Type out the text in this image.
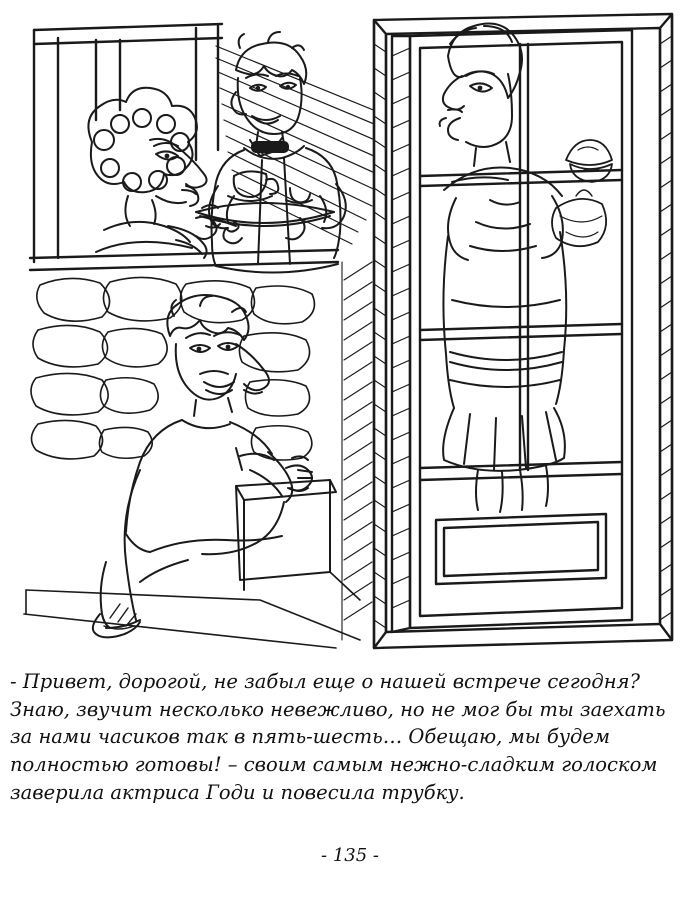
- Привет, дорогой, не забыл еще о нашей встрече сегодня? Знаю, звучит несколько невежливо, но не мог бы ты заехать за нами часиков так в пять-шесть… Обещаю, мы будем полностью готовы! – своим самым нежно-сладким голоском заверила актриса Годи и повесила трубку.

- 135 -
